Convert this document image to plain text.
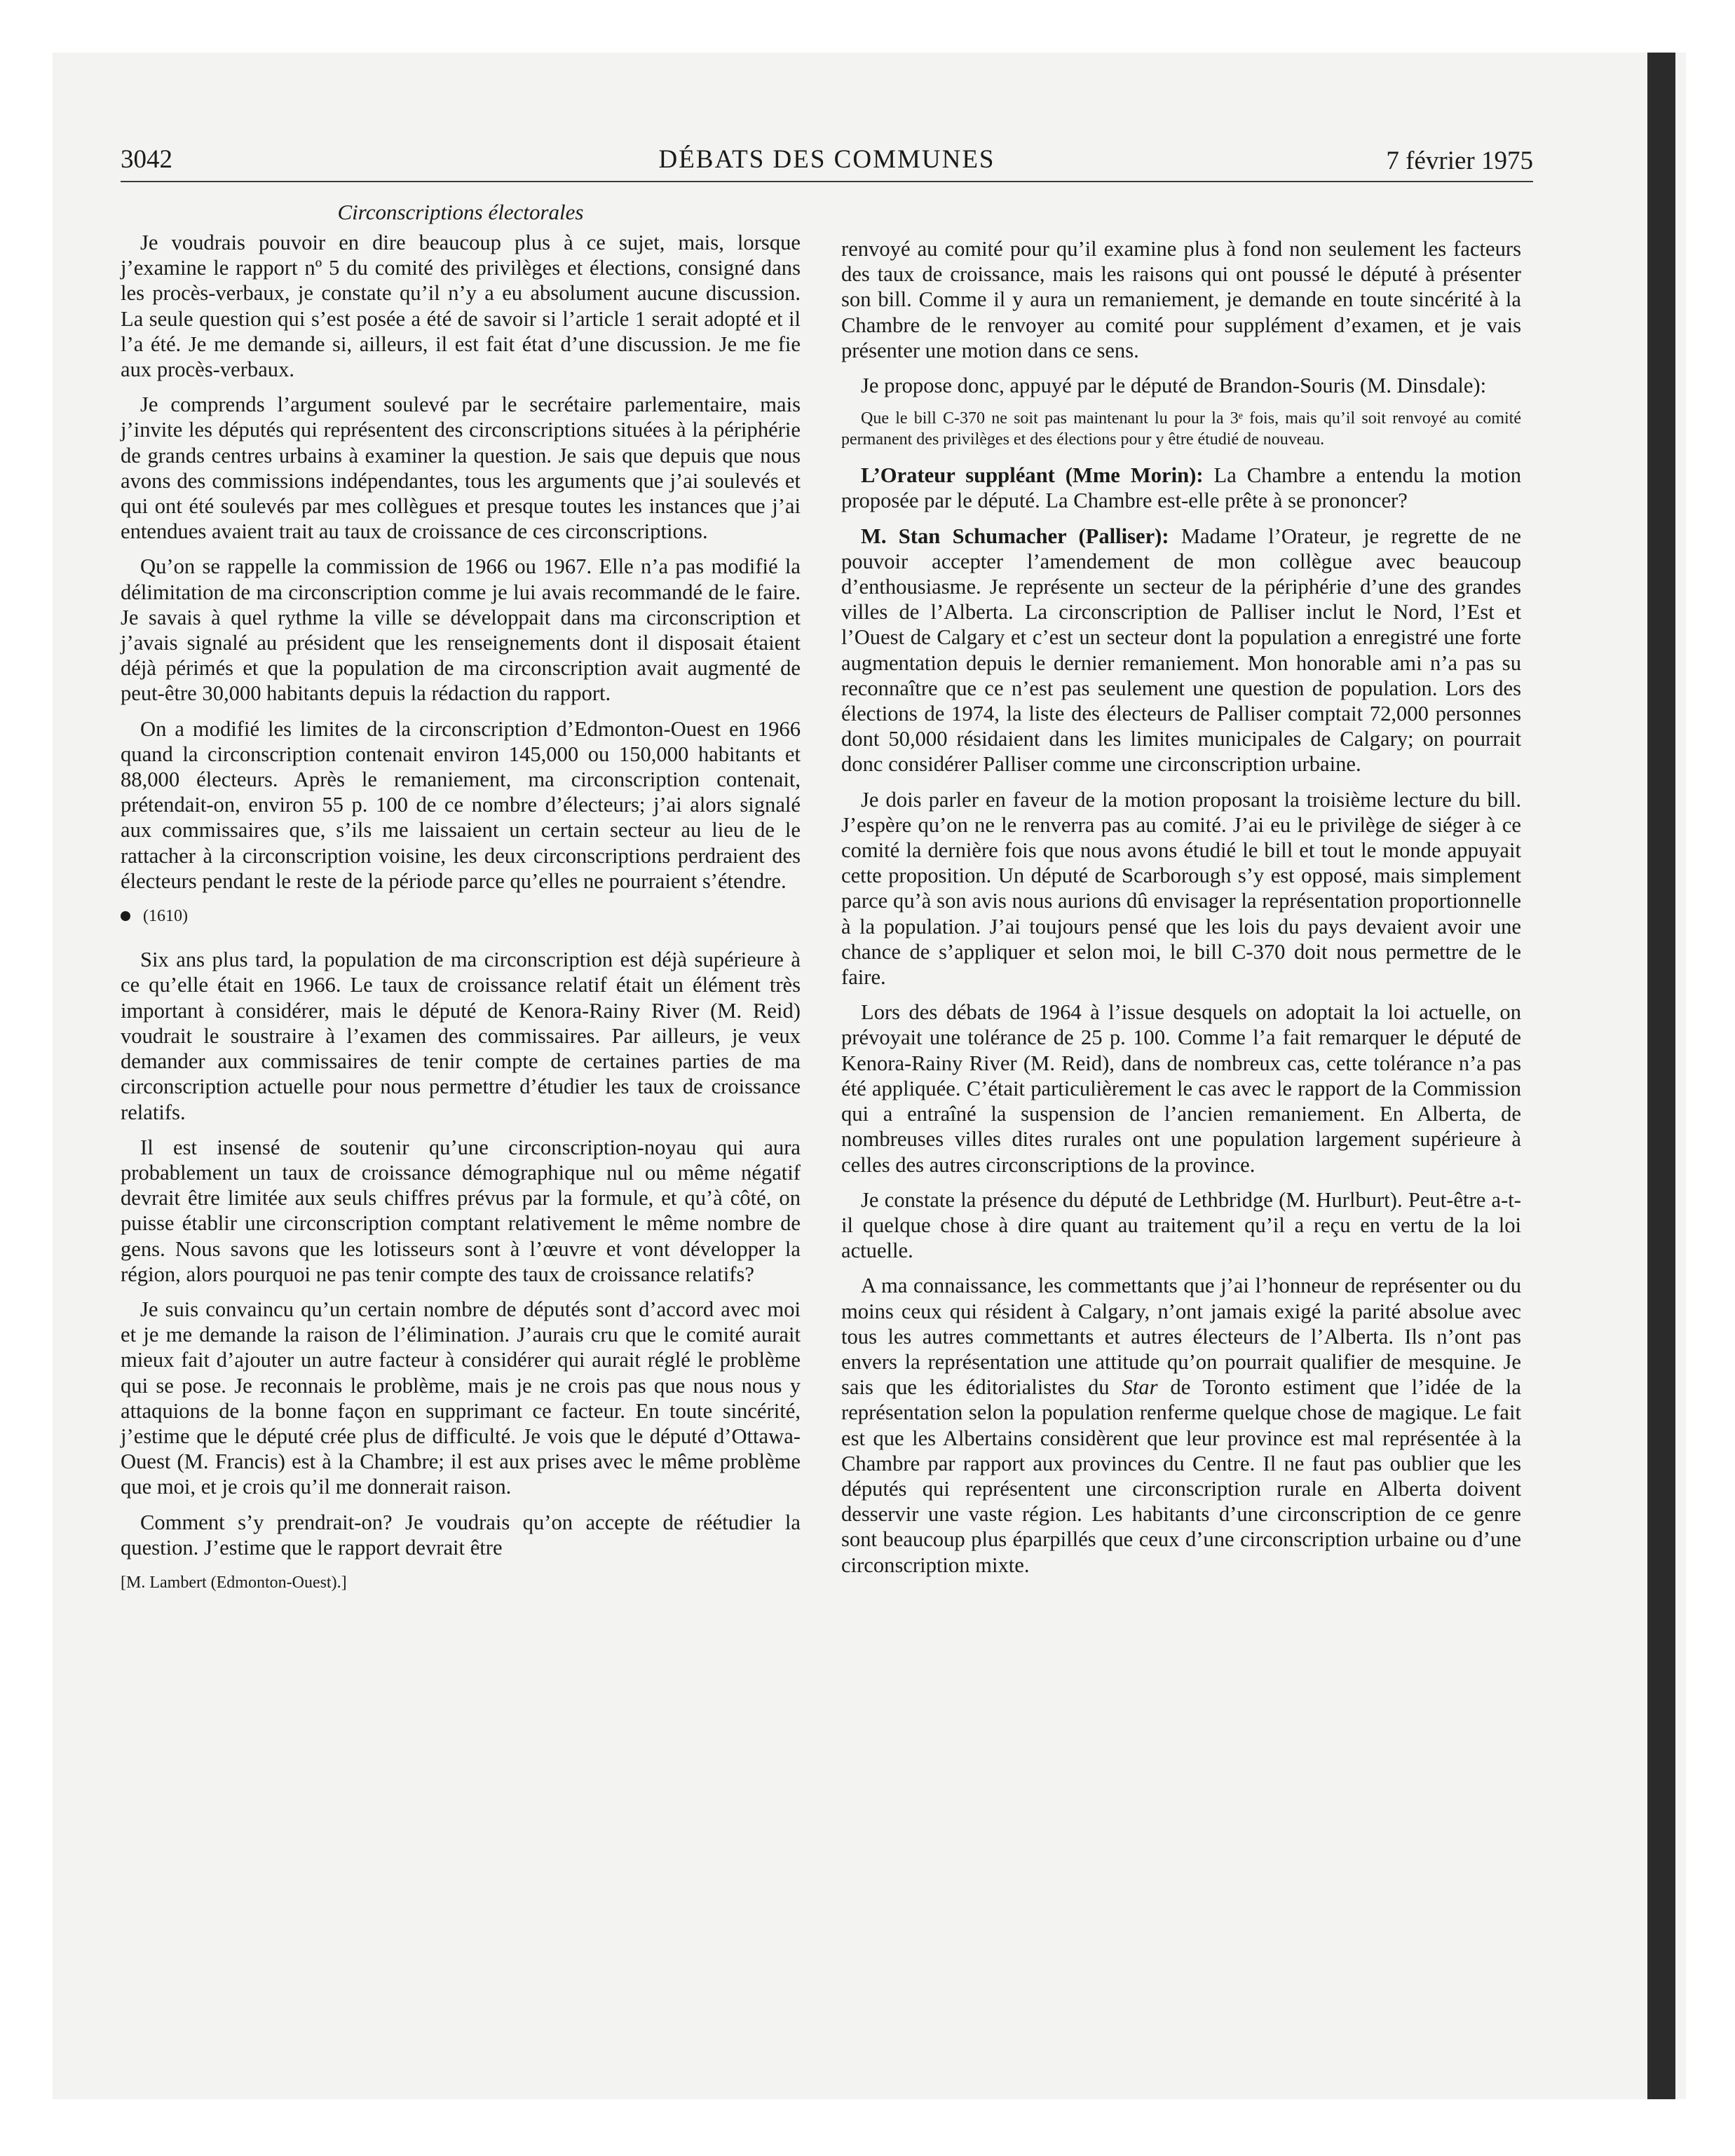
3042	DÉBATS DES COMMUNES	7 février 1975
Circonscriptions électorales

Je voudrais pouvoir en dire beaucoup plus à ce sujet, mais, lorsque j’examine le rapport nº 5 du comité des privilèges et élections, consigné dans les procès-verbaux, je constate qu’il n’y a eu absolument aucune discussion. La seule question qui s’est posée a été de savoir si l’article 1 serait adopté et il l’a été. Je me demande si, ailleurs, il est fait état d’une discussion. Je me fie aux procès-verbaux.

Je comprends l’argument soulevé par le secrétaire parlementaire, mais j’invite les députés qui représentent des circonscriptions situées à la périphérie de grands centres urbains à examiner la question. Je sais que depuis que nous avons des commissions indépendantes, tous les arguments que j’ai soulevés et qui ont été soulevés par mes collègues et presque toutes les instances que j’ai entendues avaient trait au taux de croissance de ces circonscriptions.

Qu’on se rappelle la commission de 1966 ou 1967. Elle n’a pas modifié la délimitation de ma circonscription comme je lui avais recommandé de le faire. Je savais à quel rythme la ville se développait dans ma circonscription et j’avais signalé au président que les renseignements dont il disposait étaient déjà périmés et que la population de ma circonscription avait augmenté de peut-être 30,000 habitants depuis la rédaction du rapport.

On a modifié les limites de la circonscription d’Edmonton-Ouest en 1966 quand la circonscription contenait environ 145,000 ou 150,000 habitants et 88,000 électeurs. Après le remaniement, ma circonscription contenait, prétendait-on, environ 55 p. 100 de ce nombre d’électeurs; j’ai alors signalé aux commissaires que, s’ils me laissaient un certain secteur au lieu de le rattacher à la circonscription voisine, les deux circonscriptions perdraient des électeurs pendant le reste de la période parce qu’elles ne pourraient s’étendre.

(1610)

Six ans plus tard, la population de ma circonscription est déjà supérieure à ce qu’elle était en 1966. Le taux de croissance relatif était un élément très important à considérer, mais le député de Kenora-Rainy River (M. Reid) voudrait le soustraire à l’examen des commissaires. Par ailleurs, je veux demander aux commissaires de tenir compte de certaines parties de ma circonscription actuelle pour nous permettre d’étudier les taux de croissance relatifs.

Il est insensé de soutenir qu’une circonscription-noyau qui aura probablement un taux de croissance démographique nul ou même négatif devrait être limitée aux seuls chiffres prévus par la formule, et qu’à côté, on puisse établir une circonscription comptant relativement le même nombre de gens. Nous savons que les lotisseurs sont à l’œuvre et vont développer la région, alors pourquoi ne pas tenir compte des taux de croissance relatifs?

Je suis convaincu qu’un certain nombre de députés sont d’accord avec moi et je me demande la raison de l’élimination. J’aurais cru que le comité aurait mieux fait d’ajouter un autre facteur à considérer qui aurait réglé le problème qui se pose. Je reconnais le problème, mais je ne crois pas que nous nous y attaquions de la bonne façon en supprimant ce facteur. En toute sincérité, j’estime que le député crée plus de difficulté. Je vois que le député d’Ottawa-Ouest (M. Francis) est à la Chambre; il est aux prises avec le même problème que moi, et je crois qu’il me donnerait raison.

Comment s’y prendrait-on? Je voudrais qu’on accepte de réétudier la question. J’estime que le rapport devrait être

[M. Lambert (Edmonton-Ouest).]

renvoyé au comité pour qu’il examine plus à fond non seulement les facteurs des taux de croissance, mais les raisons qui ont poussé le député à présenter son bill. Comme il y aura un remaniement, je demande en toute sincérité à la Chambre de le renvoyer au comité pour supplément d’examen, et je vais présenter une motion dans ce sens.

Je propose donc, appuyé par le député de Brandon-Souris (M. Dinsdale):

Que le bill C-370 ne soit pas maintenant lu pour la 3ᵉ fois, mais qu’il soit renvoyé au comité permanent des privilèges et des élections pour y être étudié de nouveau.

L’Orateur suppléant (Mme Morin): La Chambre a entendu la motion proposée par le député. La Chambre est-elle prête à se prononcer?

M. Stan Schumacher (Palliser): Madame l’Orateur, je regrette de ne pouvoir accepter l’amendement de mon collègue avec beaucoup d’enthousiasme. Je représente un secteur de la périphérie d’une des grandes villes de l’Alberta. La circonscription de Palliser inclut le Nord, l’Est et l’Ouest de Calgary et c’est un secteur dont la population a enregistré une forte augmentation depuis le dernier remaniement. Mon honorable ami n’a pas su reconnaître que ce n’est pas seulement une question de population. Lors des élections de 1974, la liste des électeurs de Palliser comptait 72,000 personnes dont 50,000 résidaient dans les limites municipales de Calgary; on pourrait donc considérer Palliser comme une circonscription urbaine.

Je dois parler en faveur de la motion proposant la troisième lecture du bill. J’espère qu’on ne le renverra pas au comité. J’ai eu le privilège de siéger à ce comité la dernière fois que nous avons étudié le bill et tout le monde appuyait cette proposition. Un député de Scarborough s’y est opposé, mais simplement parce qu’à son avis nous aurions dû envisager la représentation proportionnelle à la population. J’ai toujours pensé que les lois du pays devaient avoir une chance de s’appliquer et selon moi, le bill C-370 doit nous permettre de le faire.

Lors des débats de 1964 à l’issue desquels on adoptait la loi actuelle, on prévoyait une tolérance de 25 p. 100. Comme l’a fait remarquer le député de Kenora-Rainy River (M. Reid), dans de nombreux cas, cette tolérance n’a pas été appliquée. C’était particulièrement le cas avec le rapport de la Commission qui a entraîné la suspension de l’ancien remaniement. En Alberta, de nombreuses villes dites rurales ont une population largement supérieure à celles des autres circonscriptions de la province.

Je constate la présence du député de Lethbridge (M. Hurlburt). Peut-être a-t-il quelque chose à dire quant au traitement qu’il a reçu en vertu de la loi actuelle.

A ma connaissance, les commettants que j’ai l’honneur de représenter ou du moins ceux qui résident à Calgary, n’ont jamais exigé la parité absolue avec tous les autres commettants et autres électeurs de l’Alberta. Ils n’ont pas envers la représentation une attitude qu’on pourrait qualifier de mesquine. Je sais que les éditorialistes du Star de Toronto estiment que l’idée de la représentation selon la population renferme quelque chose de magique. Le fait est que les Albertains considèrent que leur province est mal représentée à la Chambre par rapport aux provinces du Centre. Il ne faut pas oublier que les députés qui représentent une circonscription rurale en Alberta doivent desservir une vaste région. Les habitants d’une circonscription de ce genre sont beaucoup plus éparpillés que ceux d’une circonscription urbaine ou d’une circonscription mixte.
